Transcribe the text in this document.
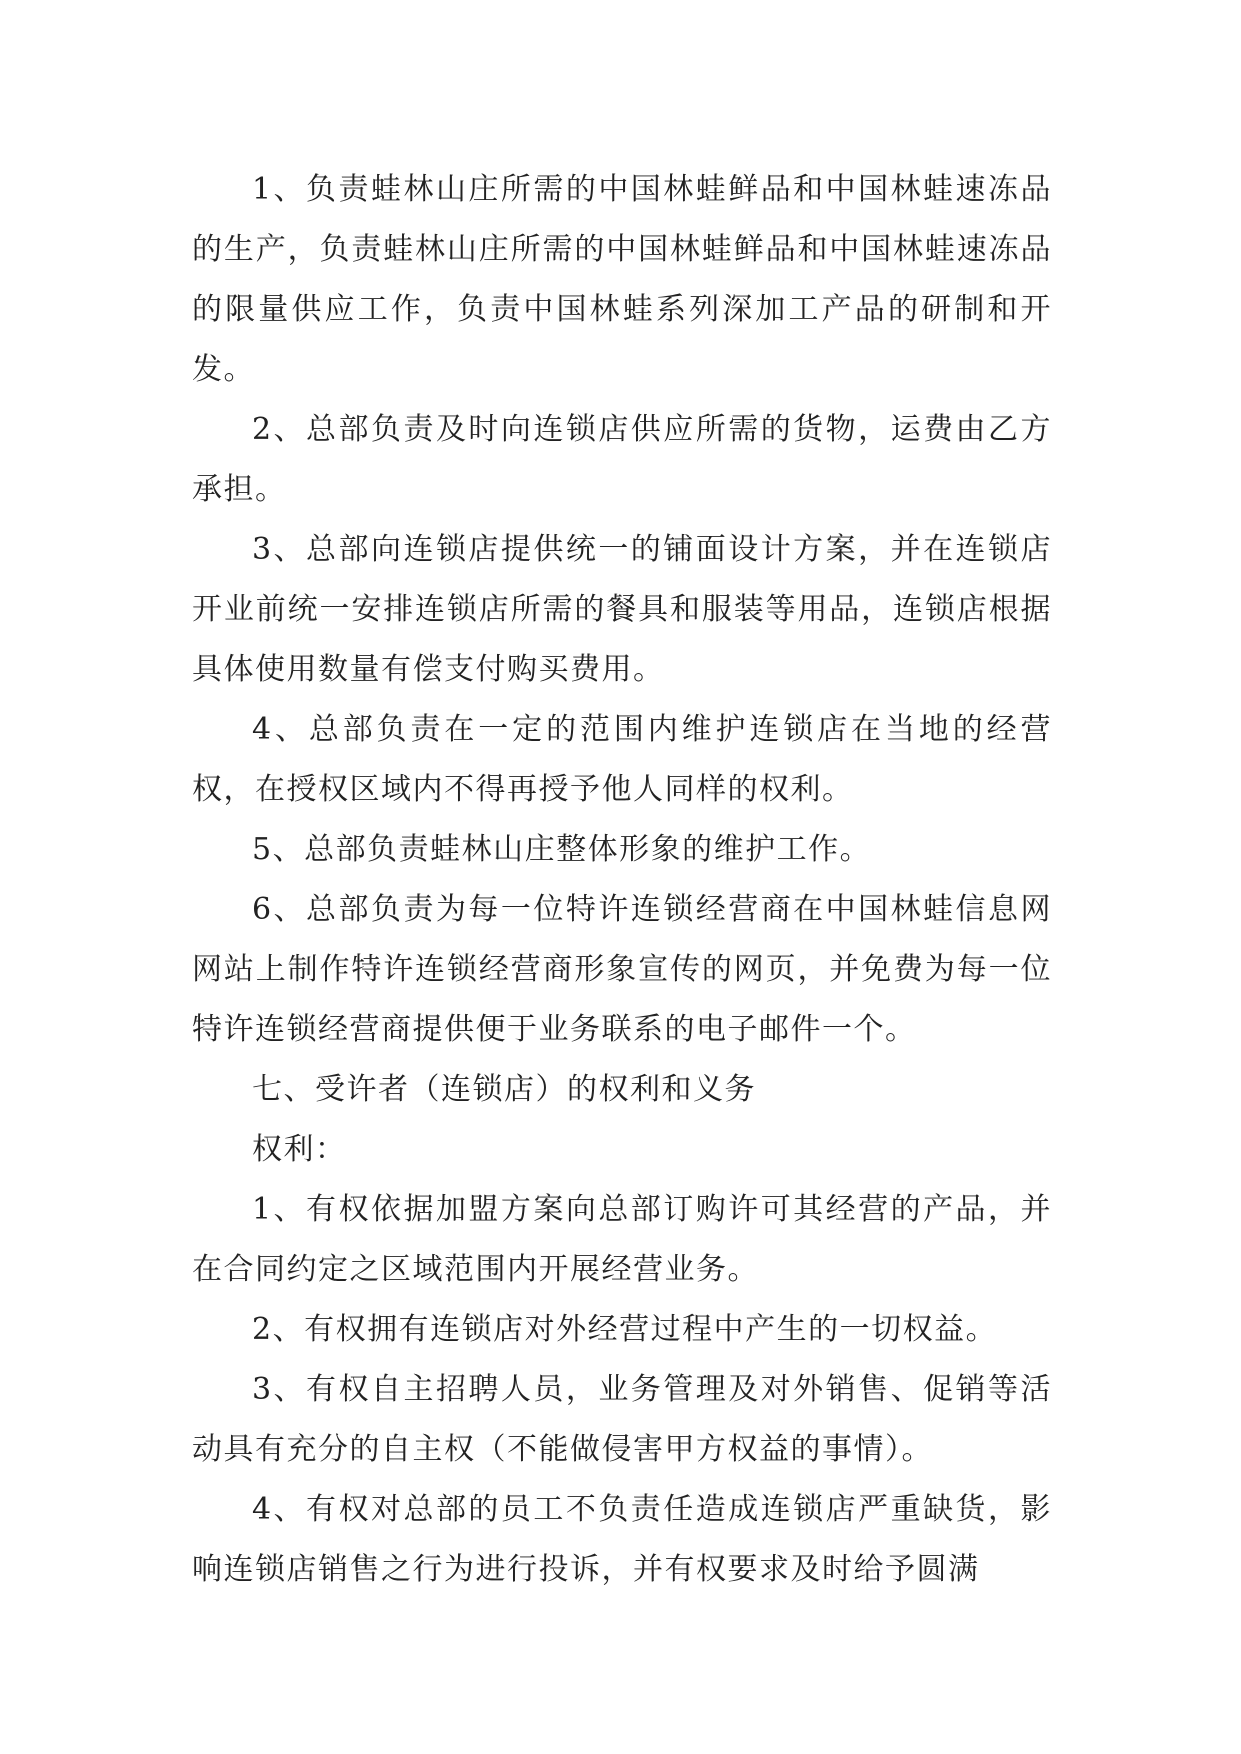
1、负责蛙林山庄所需的中国林蛙鲜品和中国林蛙速冻品的生产，负责蛙林山庄所需的中国林蛙鲜品和中国林蛙速冻品的限量供应工作，负责中国林蛙系列深加工产品的研制和开发。

2、总部负责及时向连锁店供应所需的货物，运费由乙方承担。

3、总部向连锁店提供统一的铺面设计方案，并在连锁店开业前统一安排连锁店所需的餐具和服装等用品，连锁店根据具体使用数量有偿支付购买费用。

4、总部负责在一定的范围内维护连锁店在当地的经营权，在授权区域内不得再授予他人同样的权利。

5、总部负责蛙林山庄整体形象的维护工作。

6、总部负责为每一位特许连锁经营商在中国林蛙信息网网站上制作特许连锁经营商形象宣传的网页，并免费为每一位特许连锁经营商提供便于业务联系的电子邮件一个。

七、受许者（连锁店）的权利和义务

权利：

1、有权依据加盟方案向总部订购许可其经营的产品，并在合同约定之区域范围内开展经营业务。

2、有权拥有连锁店对外经营过程中产生的一切权益。

3、有权自主招聘人员，业务管理及对外销售、促销等活动具有充分的自主权（不能做侵害甲方权益的事情）。

4、有权对总部的员工不负责任造成连锁店严重缺货，影响连锁店销售之行为进行投诉，并有权要求及时给予圆满
